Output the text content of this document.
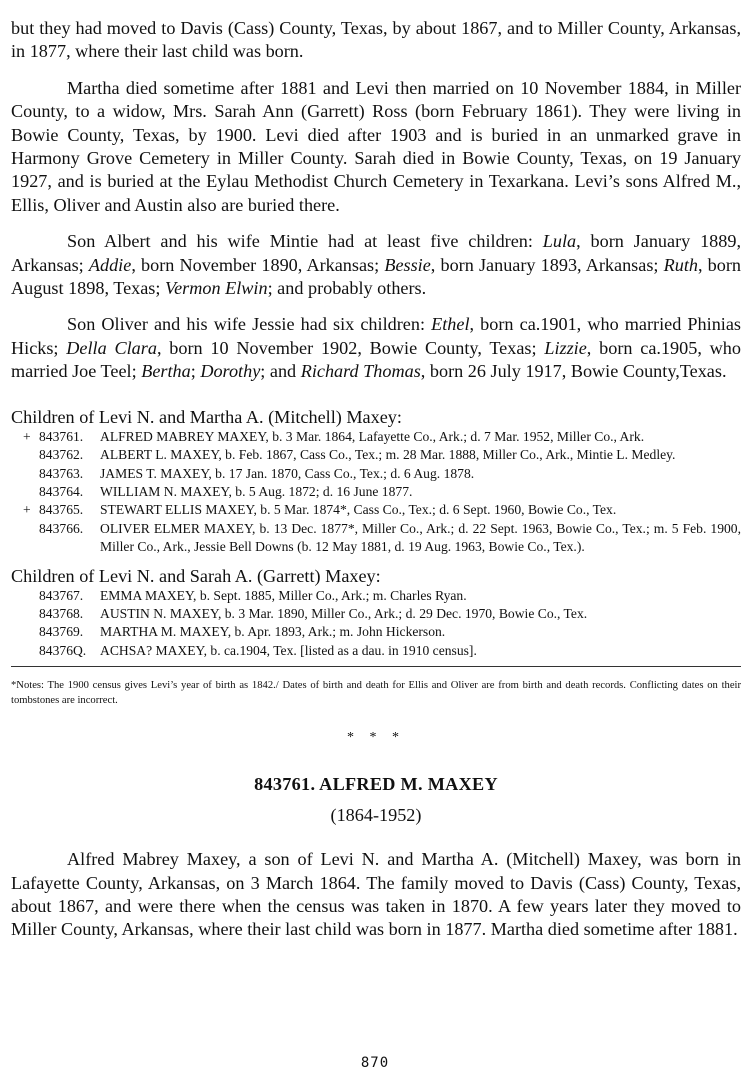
but they had moved to Davis (Cass) County, Texas, by about 1867, and to Miller County, Arkansas, in 1877, where their last child was born.

Martha died sometime after 1881 and Levi then married on 10 November 1884, in Miller County, to a widow, Mrs. Sarah Ann (Garrett) Ross (born February 1861). They were living in Bowie County, Texas, by 1900. Levi died after 1903 and is buried in an unmarked grave in Harmony Grove Cemetery in Miller County. Sarah died in Bowie County, Texas, on 19 January 1927, and is buried at the Eylau Methodist Church Cemetery in Texarkana. Levi’s sons Alfred M., Ellis, Oliver and Austin also are buried there.

Son Albert and his wife Mintie had at least five children: Lula, born January 1889, Arkansas; Addie, born November 1890, Arkansas; Bessie, born January 1893, Arkansas; Ruth, born August 1898, Texas; Vermon Elwin; and probably others.

Son Oliver and his wife Jessie had six children: Ethel, born ca.1901, who married Phinias Hicks; Della Clara, born 10 November 1902, Bowie County, Texas; Lizzie, born ca.1905, who married Joe Teel; Bertha; Dorothy; and Richard Thomas, born 26 July 1917, Bowie County,Texas.

Children of Levi N. and Martha A. (Mitchell) Maxey:

+ 843761. ALFRED MABREY MAXEY, b. 3 Mar. 1864, Lafayette Co., Ark.; d. 7 Mar. 1952, Miller Co., Ark.
843762. ALBERT L. MAXEY, b. Feb. 1867, Cass Co., Tex.; m. 28 Mar. 1888, Miller Co., Ark., Mintie L. Medley.
843763. JAMES T. MAXEY, b. 17 Jan. 1870, Cass Co., Tex.; d. 6 Aug. 1878.
843764. WILLIAM N. MAXEY, b. 5 Aug. 1872; d. 16 June 1877.
+ 843765. STEWART ELLIS MAXEY, b. 5 Mar. 1874*, Cass Co., Tex.; d. 6 Sept. 1960, Bowie Co., Tex.
843766. OLIVER ELMER MAXEY, b. 13 Dec. 1877*, Miller Co., Ark.; d. 22 Sept. 1963, Bowie Co., Tex.; m. 5 Feb. 1900, Miller Co., Ark., Jessie Bell Downs (b. 12 May 1881, d. 19 Aug. 1963, Bowie Co., Tex.).

Children of Levi N. and Sarah A. (Garrett) Maxey:

843767. EMMA MAXEY, b. Sept. 1885, Miller Co., Ark.; m. Charles Ryan.
843768. AUSTIN N. MAXEY, b. 3 Mar. 1890, Miller Co., Ark.; d. 29 Dec. 1970, Bowie Co., Tex.
843769. MARTHA M. MAXEY, b. Apr. 1893, Ark.; m. John Hickerson.
84376Q. ACHSA? MAXEY, b. ca.1904, Tex. [listed as a dau. in 1910 census].

*Notes: The 1900 census gives Levi’s year of birth as 1842./ Dates of birth and death for Ellis and Oliver are from birth and death records. Conflicting dates on their tombstones are incorrect.

* * *

843761. ALFRED M. MAXEY

(1864-1952)

Alfred Mabrey Maxey, a son of Levi N. and Martha A. (Mitchell) Maxey, was born in Lafayette County, Arkansas, on 3 March 1864. The family moved to Davis (Cass) County, Texas, about 1867, and were there when the census was taken in 1870. A few years later they moved to Miller County, Arkansas, where their last child was born in 1877. Martha died sometime after 1881.

870
